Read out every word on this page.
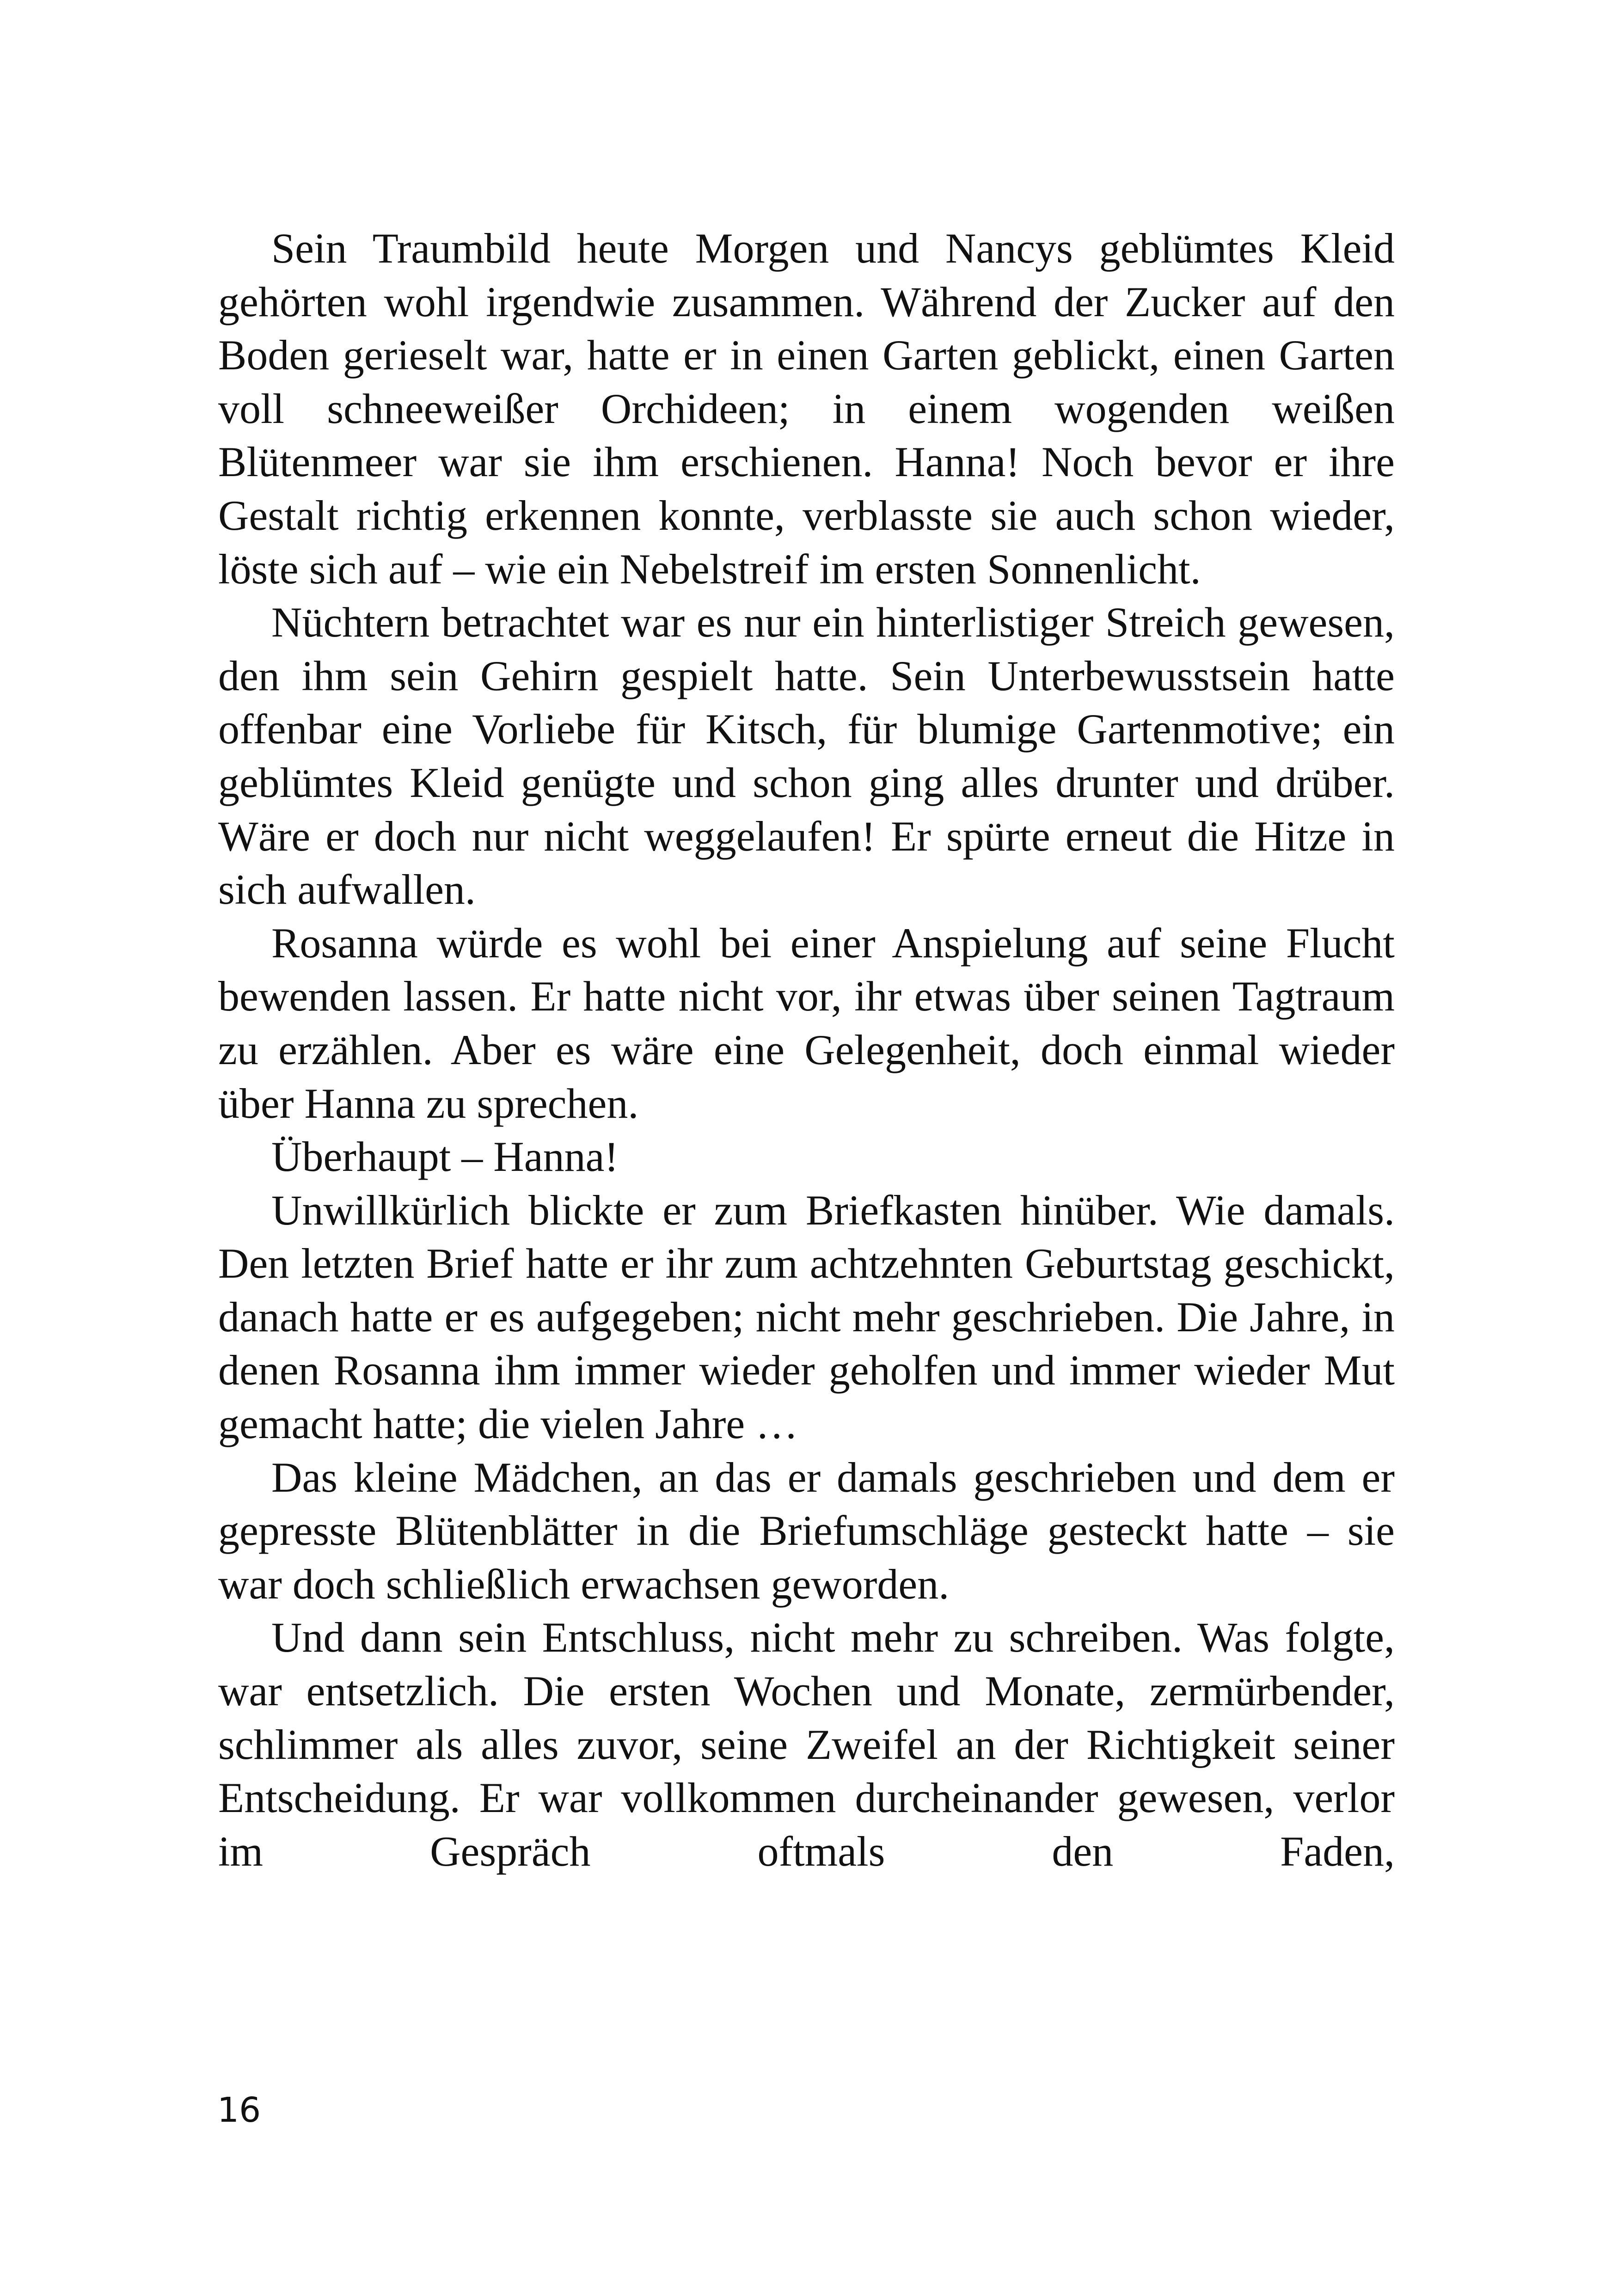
Sein Traumbild heute Morgen und Nancys geblümtes Kleid gehörten wohl irgendwie zusammen. Während der Zucker auf den Boden gerieselt war, hatte er in einen Garten geblickt, einen Garten voll schneeweißer Orchideen; in einem wogenden weißen Blütenmeer war sie ihm erschienen. Hanna! Noch bevor er ihre Gestalt richtig erkennen konnte, verblasste sie auch schon wieder, löste sich auf – wie ein Nebelstreif im ersten Sonnenlicht.

Nüchtern betrachtet war es nur ein hinterlistiger Streich gewesen, den ihm sein Gehirn gespielt hatte. Sein Unterbewusstsein hatte offenbar eine Vorliebe für Kitsch, für blumige Gartenmotive; ein geblümtes Kleid genügte und schon ging alles drunter und drüber. Wäre er doch nur nicht weggelaufen! Er spürte erneut die Hitze in sich aufwallen.

Rosanna würde es wohl bei einer Anspielung auf seine Flucht bewenden lassen. Er hatte nicht vor, ihr etwas über seinen Tagtraum zu erzählen. Aber es wäre eine Gelegenheit, doch einmal wieder über Hanna zu sprechen.

Überhaupt – Hanna!

Unwillkürlich blickte er zum Briefkasten hinüber. Wie damals. Den letzten Brief hatte er ihr zum achtzehnten Geburtstag geschickt, danach hatte er es aufgegeben; nicht mehr geschrieben. Die Jahre, in denen Rosanna ihm immer wieder geholfen und immer wieder Mut gemacht hatte; die vielen Jahre …

Das kleine Mädchen, an das er damals geschrieben und dem er gepresste Blütenblätter in die Briefumschläge gesteckt hatte – sie war doch schließlich erwachsen geworden.

Und dann sein Entschluss, nicht mehr zu schreiben. Was folgte, war entsetzlich. Die ersten Wochen und Monate, zermürbender, schlimmer als alles zuvor, seine Zweifel an der Richtigkeit seiner Entscheidung. Er war vollkommen durcheinander gewesen, verlor im Gespräch oftmals den Faden,

16
